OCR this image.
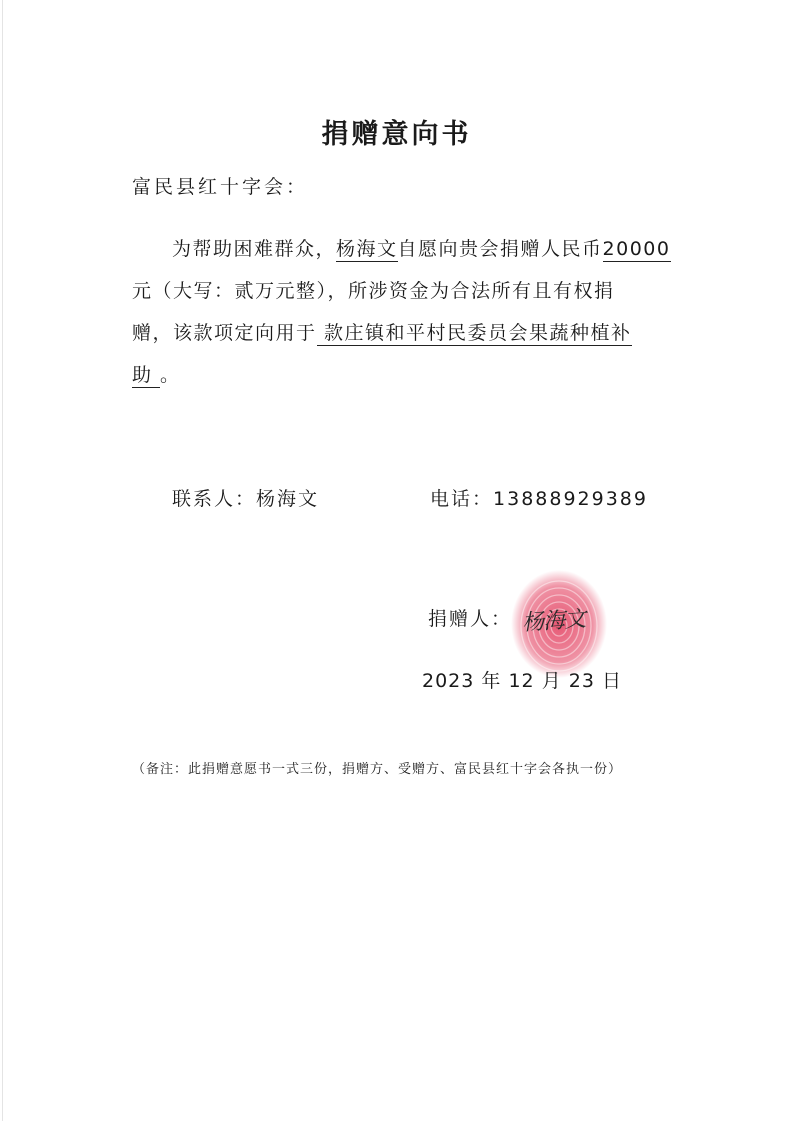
捐赠意向书
富民县红十字会：
为帮助困难群众，杨海文自愿向贵会捐赠人民币20000
元（大写：贰万元整），所涉资金为合法所有且有权捐
赠，该款项定向用于 款庄镇和平村民委员会果蔬种植补
助 。
联系人：杨海文	电话：13888929389
捐赠人： 杨海文
2023 年 12 月 23 日
（备注：此捐赠意愿书一式三份，捐赠方、受赠方、富民县红十字会各执一份）
